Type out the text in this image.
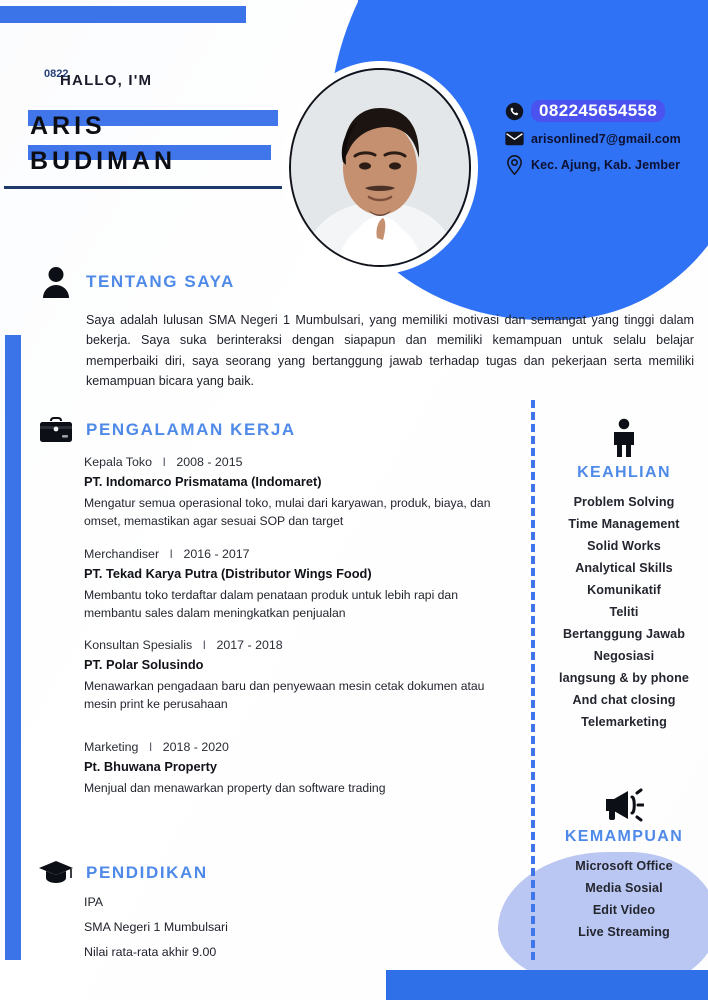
0822
HALLO, I'M
ARIS
BUDIMAN
082245654558
arisonlined7@gmail.com
Kec. Ajung, Kab. Jember
TENTANG SAYA
Saya adalah lulusan SMA Negeri 1 Mumbulsari, yang memiliki motivasi dan semangat yang tinggi dalam bekerja. Saya suka berinteraksi dengan siapapun dan memiliki kemampuan untuk selalu belajar memperbaiki diri, saya seorang yang bertanggung jawab terhadap tugas dan pekerjaan serta memiliki kemampuan bicara yang baik.
PENGALAMAN KERJA
Kepala Toko I 2008 - 2015
PT. Indomarco Prismatama (Indomaret)
Mengatur semua operasional toko, mulai dari karyawan, produk, biaya, dan omset, memastikan agar sesuai SOP dan target
Merchandiser I 2016 - 2017
PT. Tekad Karya Putra (Distributor Wings Food)
Membantu toko terdaftar dalam penataan produk untuk lebih rapi dan membantu sales dalam meningkatkan penjualan
Konsultan Spesialis I 2017 - 2018
PT. Polar Solusindo
Menawarkan pengadaan baru dan penyewaan mesin cetak dokumen atau mesin print ke perusahaan
Marketing I 2018 - 2020
Pt. Bhuwana Property
Menjual dan menawarkan property dan software trading
PENDIDIKAN
IPA
SMA Negeri 1 Mumbulsari
Nilai rata-rata akhir 9.00
KEAHLIAN
Problem Solving
Time Management
Solid Works
Analytical Skills
Komunikatif
Teliti
Bertanggung Jawab
Negosiasi
langsung & by phone
And chat closing
Telemarketing
KEMAMPUAN
Microsoft Office
Media Sosial
Edit Video
Live Streaming
